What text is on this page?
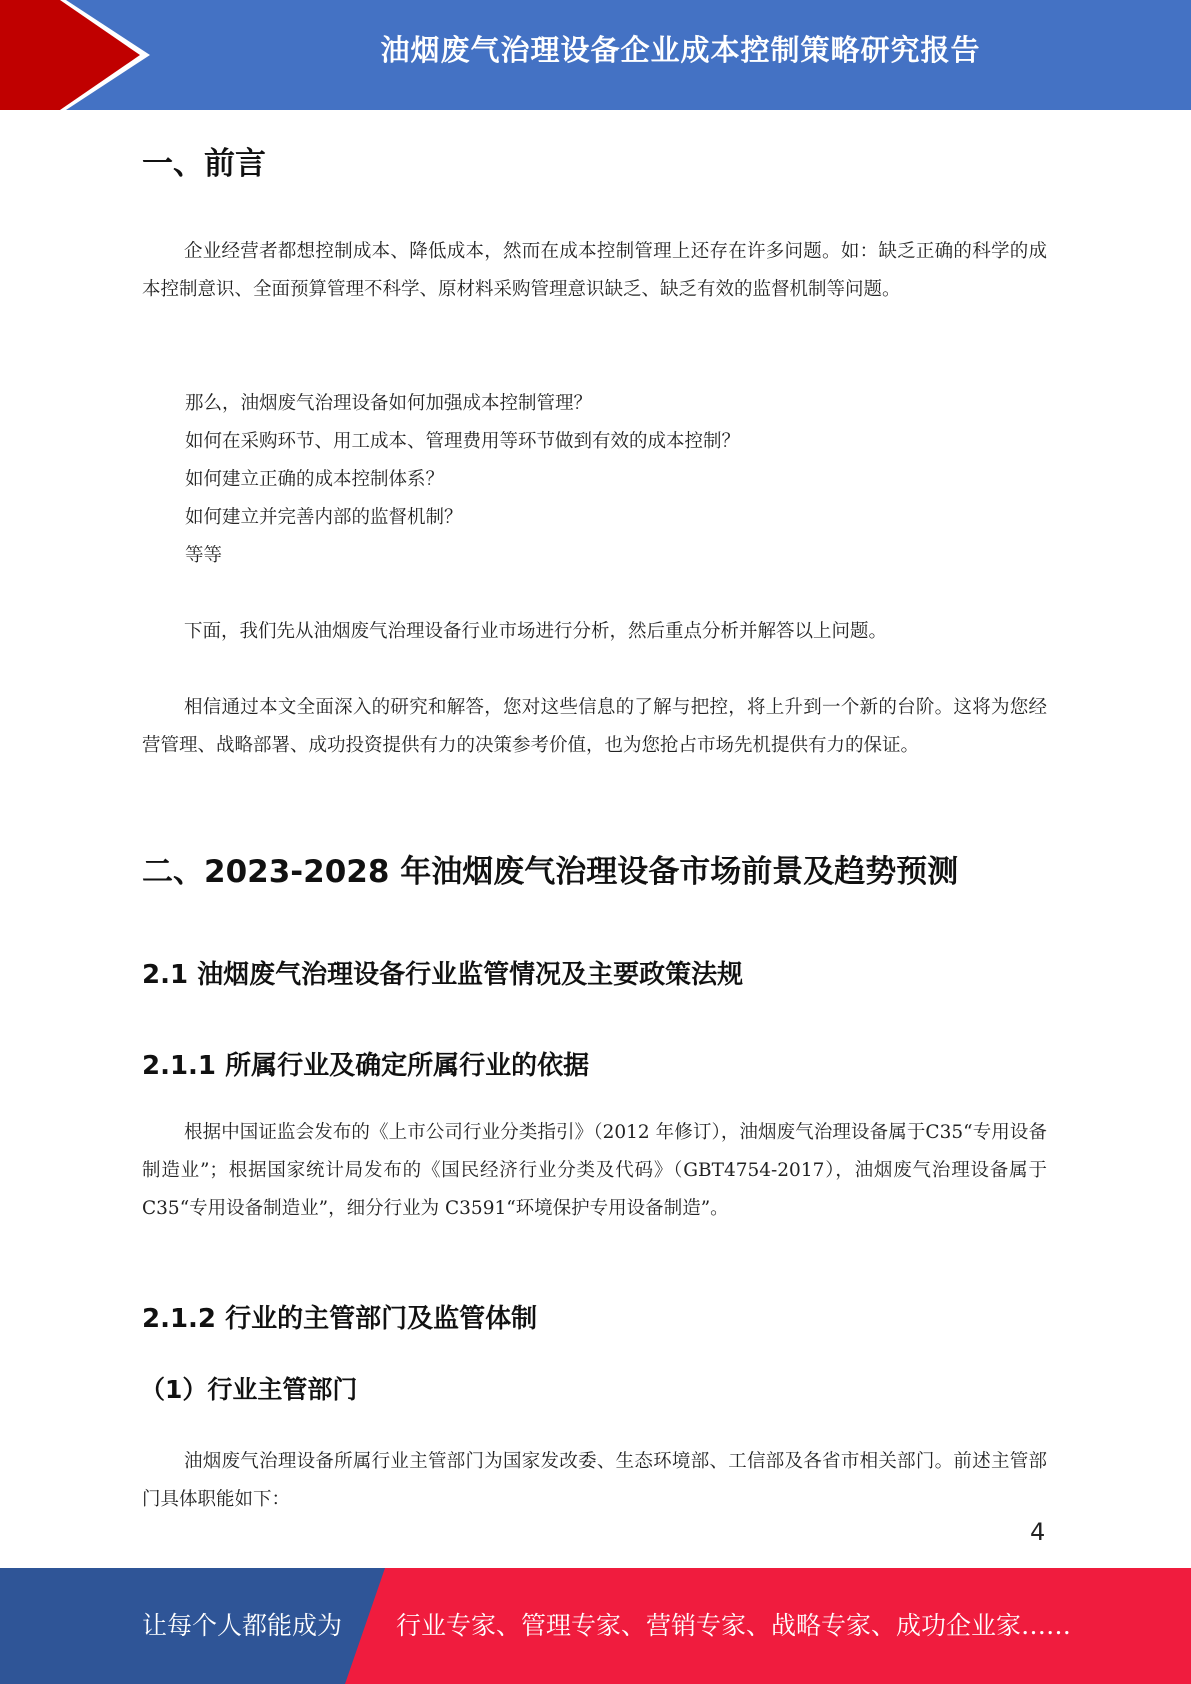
油烟废气治理设备企业成本控制策略研究报告
一、前言
企业经营者都想控制成本、降低成本，然而在成本控制管理上还存在许多问题。如：缺乏正确的科学的成本控制意识、全面预算管理不科学、原材料采购管理意识缺乏、缺乏有效的监督机制等问题。
那么，油烟废气治理设备如何加强成本控制管理？
如何在采购环节、用工成本、管理费用等环节做到有效的成本控制？
如何建立正确的成本控制体系？
如何建立并完善内部的监督机制？
等等
下面，我们先从油烟废气治理设备行业市场进行分析，然后重点分析并解答以上问题。
相信通过本文全面深入的研究和解答，您对这些信息的了解与把控，将上升到一个新的台阶。这将为您经营管理、战略部署、成功投资提供有力的决策参考价值，也为您抢占市场先机提供有力的保证。
二、2023-2028 年油烟废气治理设备市场前景及趋势预测
2.1 油烟废气治理设备行业监管情况及主要政策法规
2.1.1 所属行业及确定所属行业的依据
根据中国证监会发布的《上市公司行业分类指引》（2012 年修订），油烟废气治理设备属于C35“专用设备制造业”；根据国家统计局发布的《国民经济行业分类及代码》（GBT4754-2017），油烟废气治理设备属于 C35“专用设备制造业”，细分行业为 C3591“环境保护专用设备制造”。
2.1.2 行业的主管部门及监管体制
（1）行业主管部门
油烟废气治理设备所属行业主管部门为国家发改委、生态环境部、工信部及各省市相关部门。前述主管部门具体职能如下：
4
让每个人都能成为 行业专家、管理专家、营销专家、战略专家、成功企业家……
